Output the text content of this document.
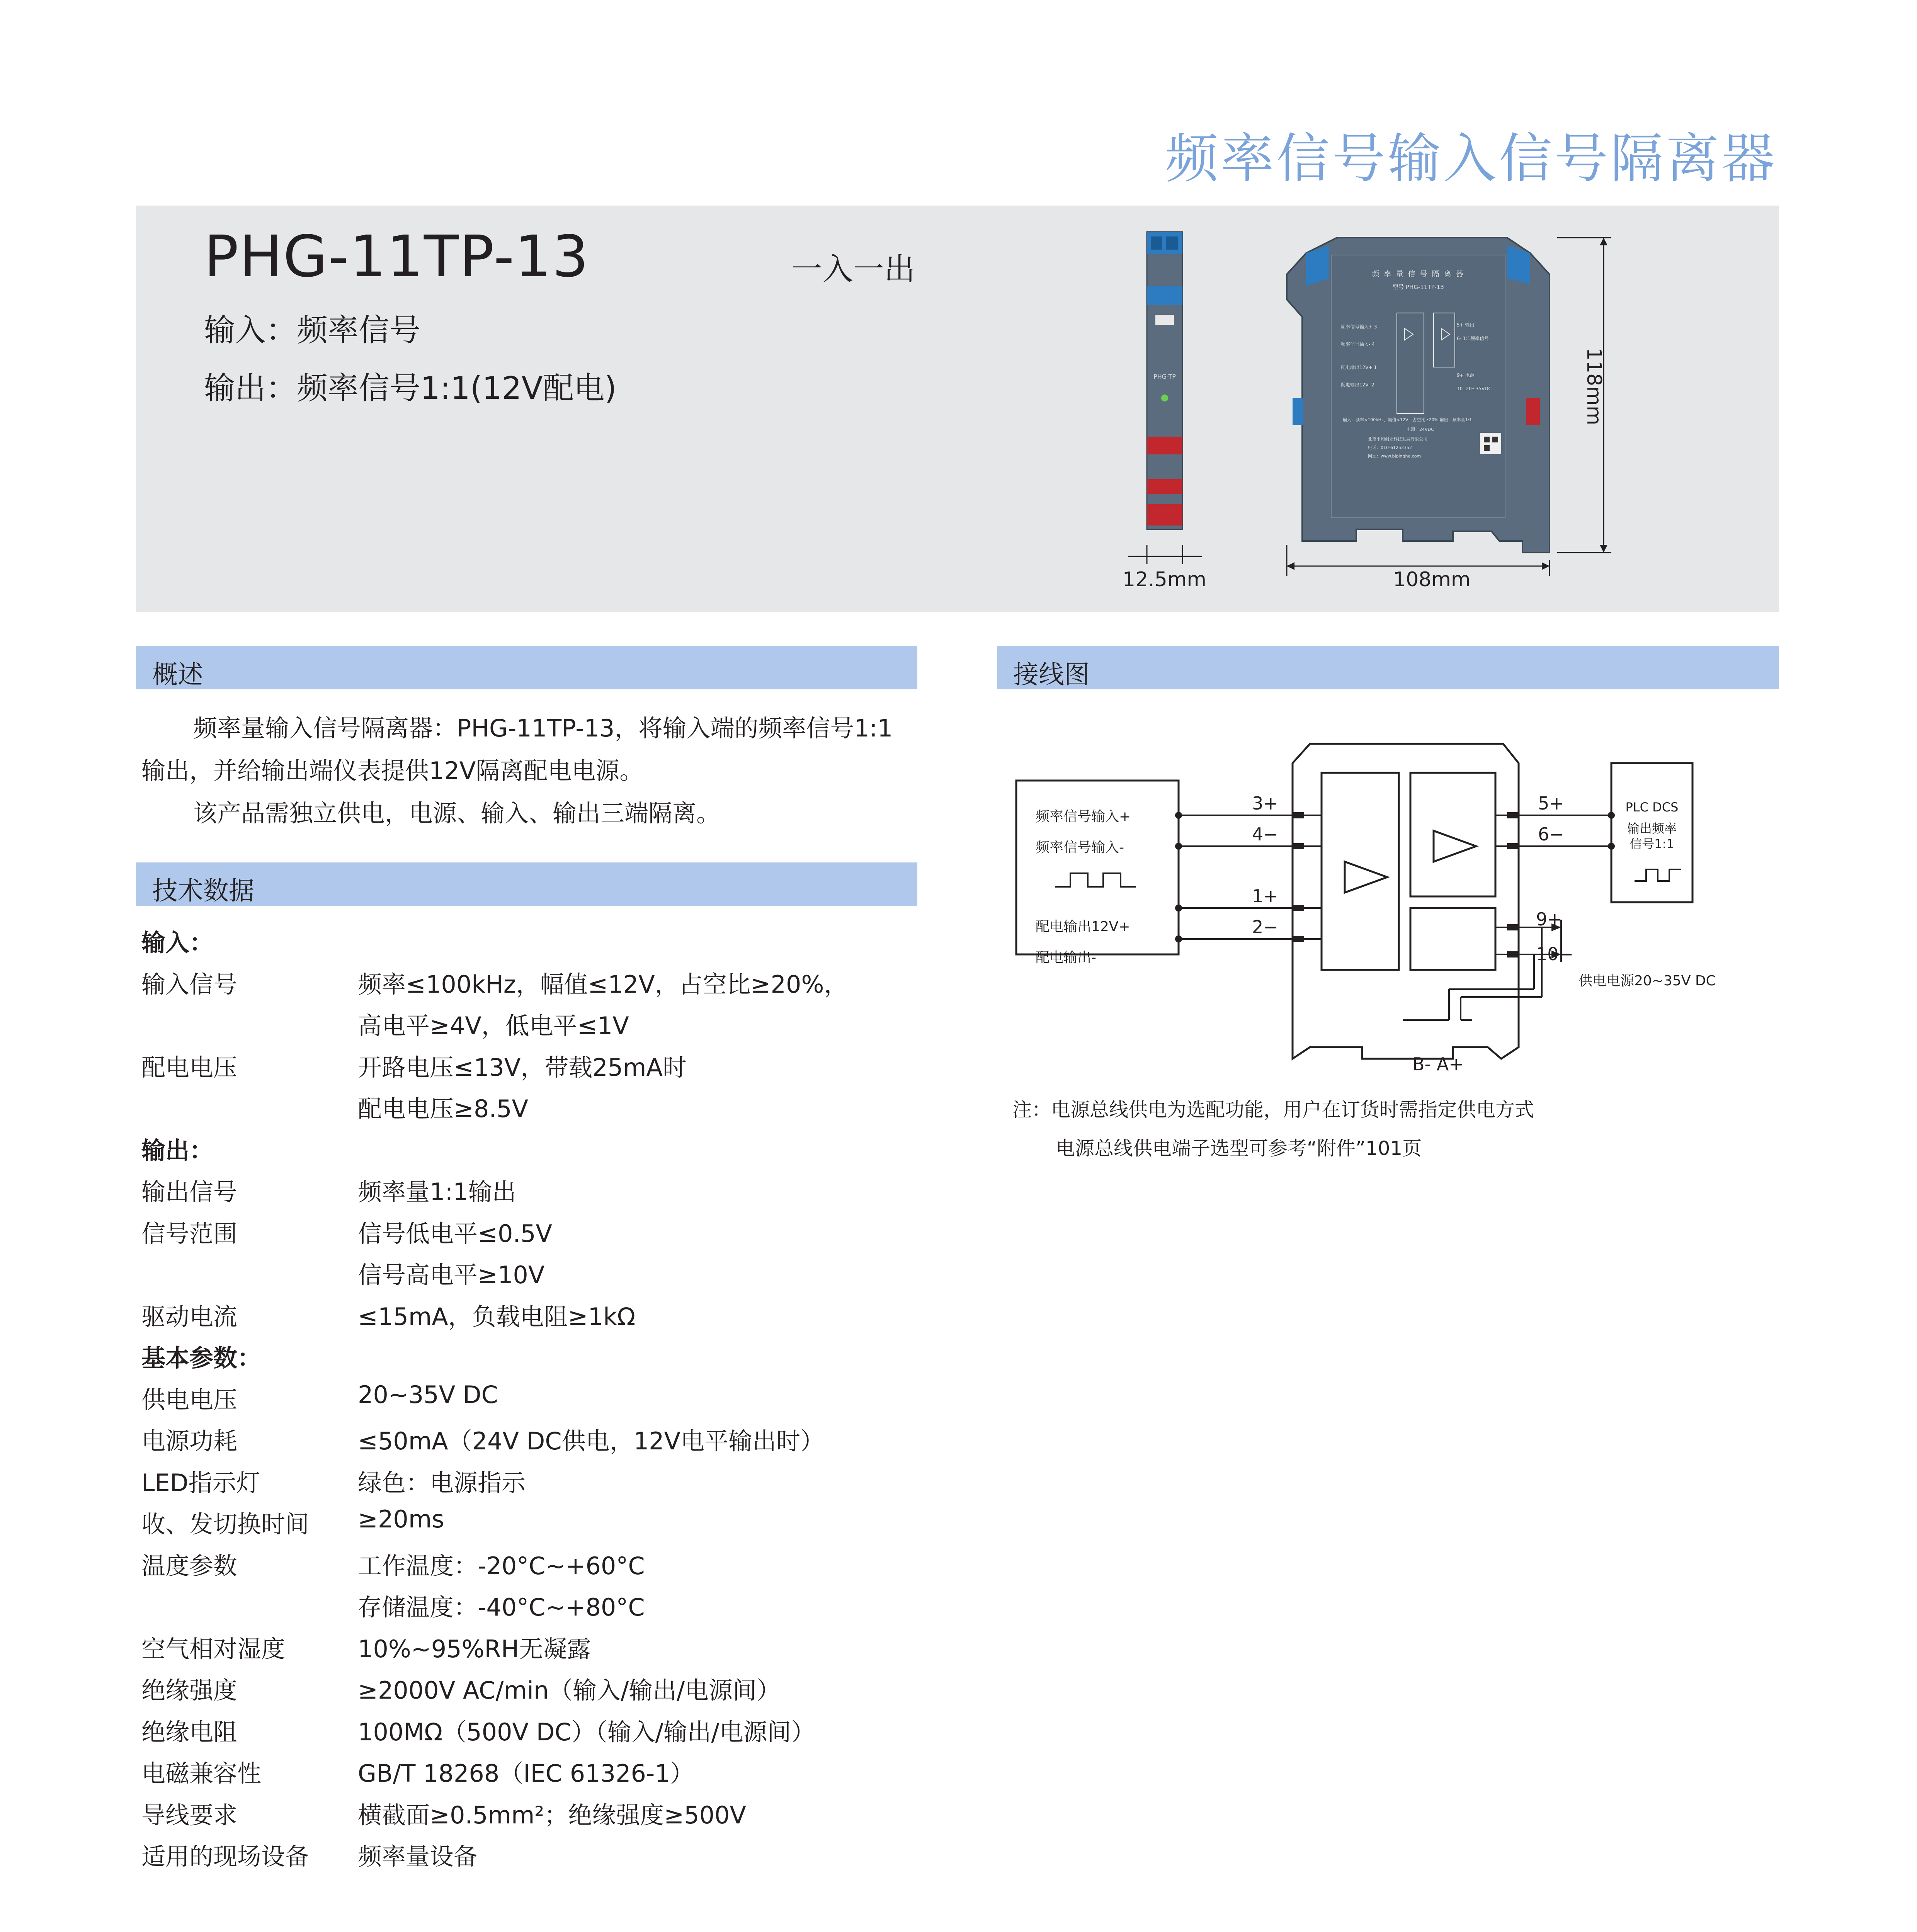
频率信号输入信号隔离器
PHG-11TP-13	一入一出
输入：频率信号
输出：频率信号1:1(12V配电)	PHG-TP
频 率 量 信 号 隔 离 器
型号 PHG-11TP-13
频率信号输入+ 3
频率信号输入- 4
配电输出12V+ 1
配电输出12V- 2
5+ 输出
6- 1:1频率信号
9+ 电源
10- 20~35VDC
输入：频率<100kHz，幅值<12V，占空比≥20% 输出：频率量1:1
电源：24VDC
北京平和创业科技发展有限公司
电话：010-61252352
网址：www.bjpinghe.com
118mm
12.5mm	108mm
概述
频率量输入信号隔离器：PHG-11TP-13，将输入端的频率信号1:1
输出，并给输出端仪表提供12V隔离配电电源。
该产品需独立供电，电源、输入、输出三端隔离。
技术数据
输入：
输入信号	频率≤100kHz，幅值≤12V，占空比≥20%，
高电平≥4V，低电平≤1V
配电电压	开路电压≤13V，带载25mA时
配电电压≥8.5V
输出：
输出信号	频率量1:1输出
信号范围	信号低电平≤0.5V
信号高电平≥10V
驱动电流	≤15mA，负载电阻≥1kΩ
基本参数：
供电电压	20~35V DC
电源功耗	≤50mA（24V DC供电，12V电平输出时）
LED指示灯	绿色：电源指示
收、发切换时间 ≥20ms
温度参数	工作温度：-20°C~+60°C
存储温度：-40°C~+80°C
空气相对湿度	10%~95%RH无凝露
绝缘强度	≥2000V AC/min（输入/输出/电源间）
绝缘电阻	100MΩ（500V DC）（输入/输出/电源间）
电磁兼容性	GB/T 18268（IEC 61326-1）
导线要求	横截面≥0.5mm²；绝缘强度≥500V
适用的现场设备 频率量设备
接线图
频率信号输入+
频率信号输入-
配电输出12V+
配电输出-
3+
4−
1+
2−
5+
6−
9+
10−
PLC DCS
输出频率
信号1:1
供电电源20~35V DC
B- A+
注：电源总线供电为选配功能，用户在订货时需指定供电方式
电源总线供电端子选型可参考“附件”101页
